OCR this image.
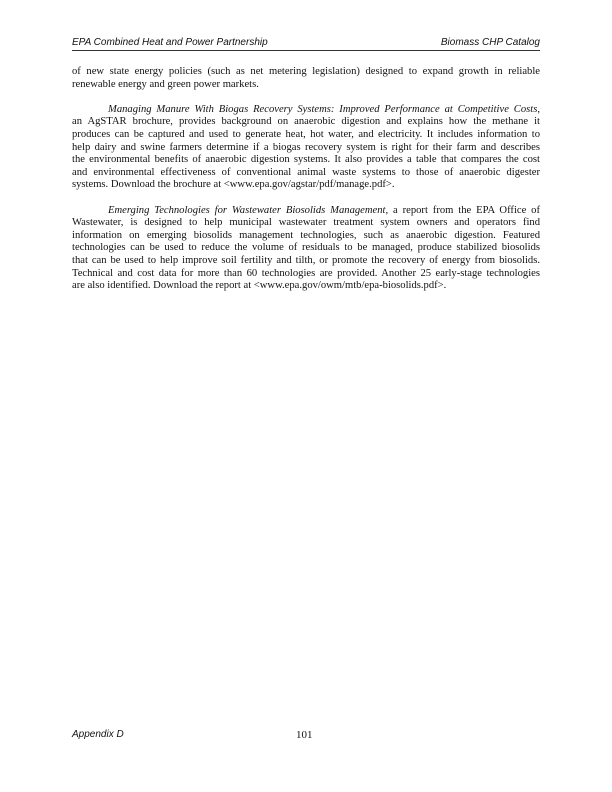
EPA Combined Heat and Power Partnership	Biomass CHP Catalog
of new state energy policies (such as net metering legislation) designed to expand growth in reliable
renewable energy and green power markets.
Managing Manure With Biogas Recovery Systems: Improved Performance at Competitive Costs,
an AgSTAR brochure, provides background on anaerobic digestion and explains how the methane it
produces can be captured and used to generate heat, hot water, and electricity. It includes information to
help dairy and swine farmers determine if a biogas recovery system is right for their farm and describes
the environmental benefits of anaerobic digestion systems. It also provides a table that compares the cost
and environmental effectiveness of conventional animal waste systems to those of anaerobic digester
systems. Download the brochure at <www.epa.gov/agstar/pdf/manage.pdf>.
Emerging Technologies for Wastewater Biosolids Management, a report from the EPA Office of
Wastewater, is designed to help municipal wastewater treatment system owners and operators find
information on emerging biosolids management technologies, such as anaerobic digestion. Featured
technologies can be used to reduce the volume of residuals to be managed, produce stabilized biosolids
that can be used to help improve soil fertility and tilth, or promote the recovery of energy from biosolids.
Technical and cost data for more than 60 technologies are provided. Another 25 early-stage technologies
are also identified. Download the report at <www.epa.gov/owm/mtb/epa-biosolids.pdf>.
Appendix D	101
